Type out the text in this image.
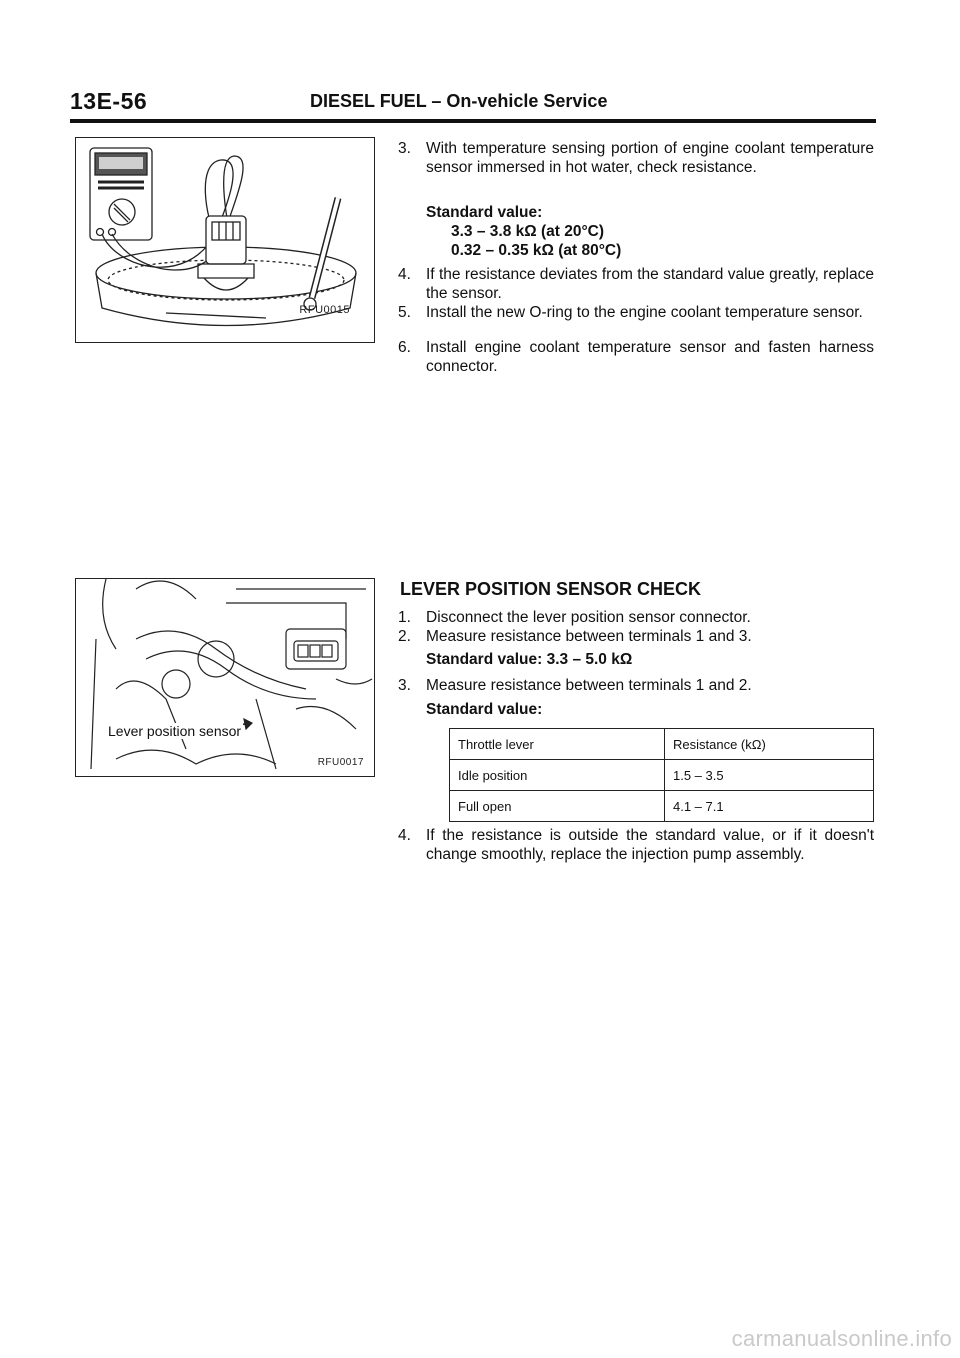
13E-56	DIESEL FUEL – On-vehicle Service
RFU0015
3. With temperature sensing portion of engine coolant temperature sensor immersed in hot water, check resistance.
Standard value:
3.3 – 3.8 kΩ (at 20°C)
0.32 – 0.35 kΩ (at 80°C)
4. If the resistance deviates from the standard value greatly, replace the sensor.
5. Install the new O-ring to the engine coolant temperature sensor.
6. Install engine coolant temperature sensor and fasten harness connector.
Lever position sensor
RFU0017
LEVER POSITION SENSOR CHECK
1. Disconnect the lever position sensor connector.
2. Measure resistance between terminals 1 and 3.
Standard value: 3.3 – 5.0 kΩ
3. Measure resistance between terminals 1 and 2.
Standard value:
Throttle lever	Resistance (kΩ)
Idle position	1.5 – 3.5
Full open	4.1 – 7.1
4. If the resistance is outside the standard value, or if it doesn't change smoothly, replace the injection pump assembly.
carmanualsonline.info
